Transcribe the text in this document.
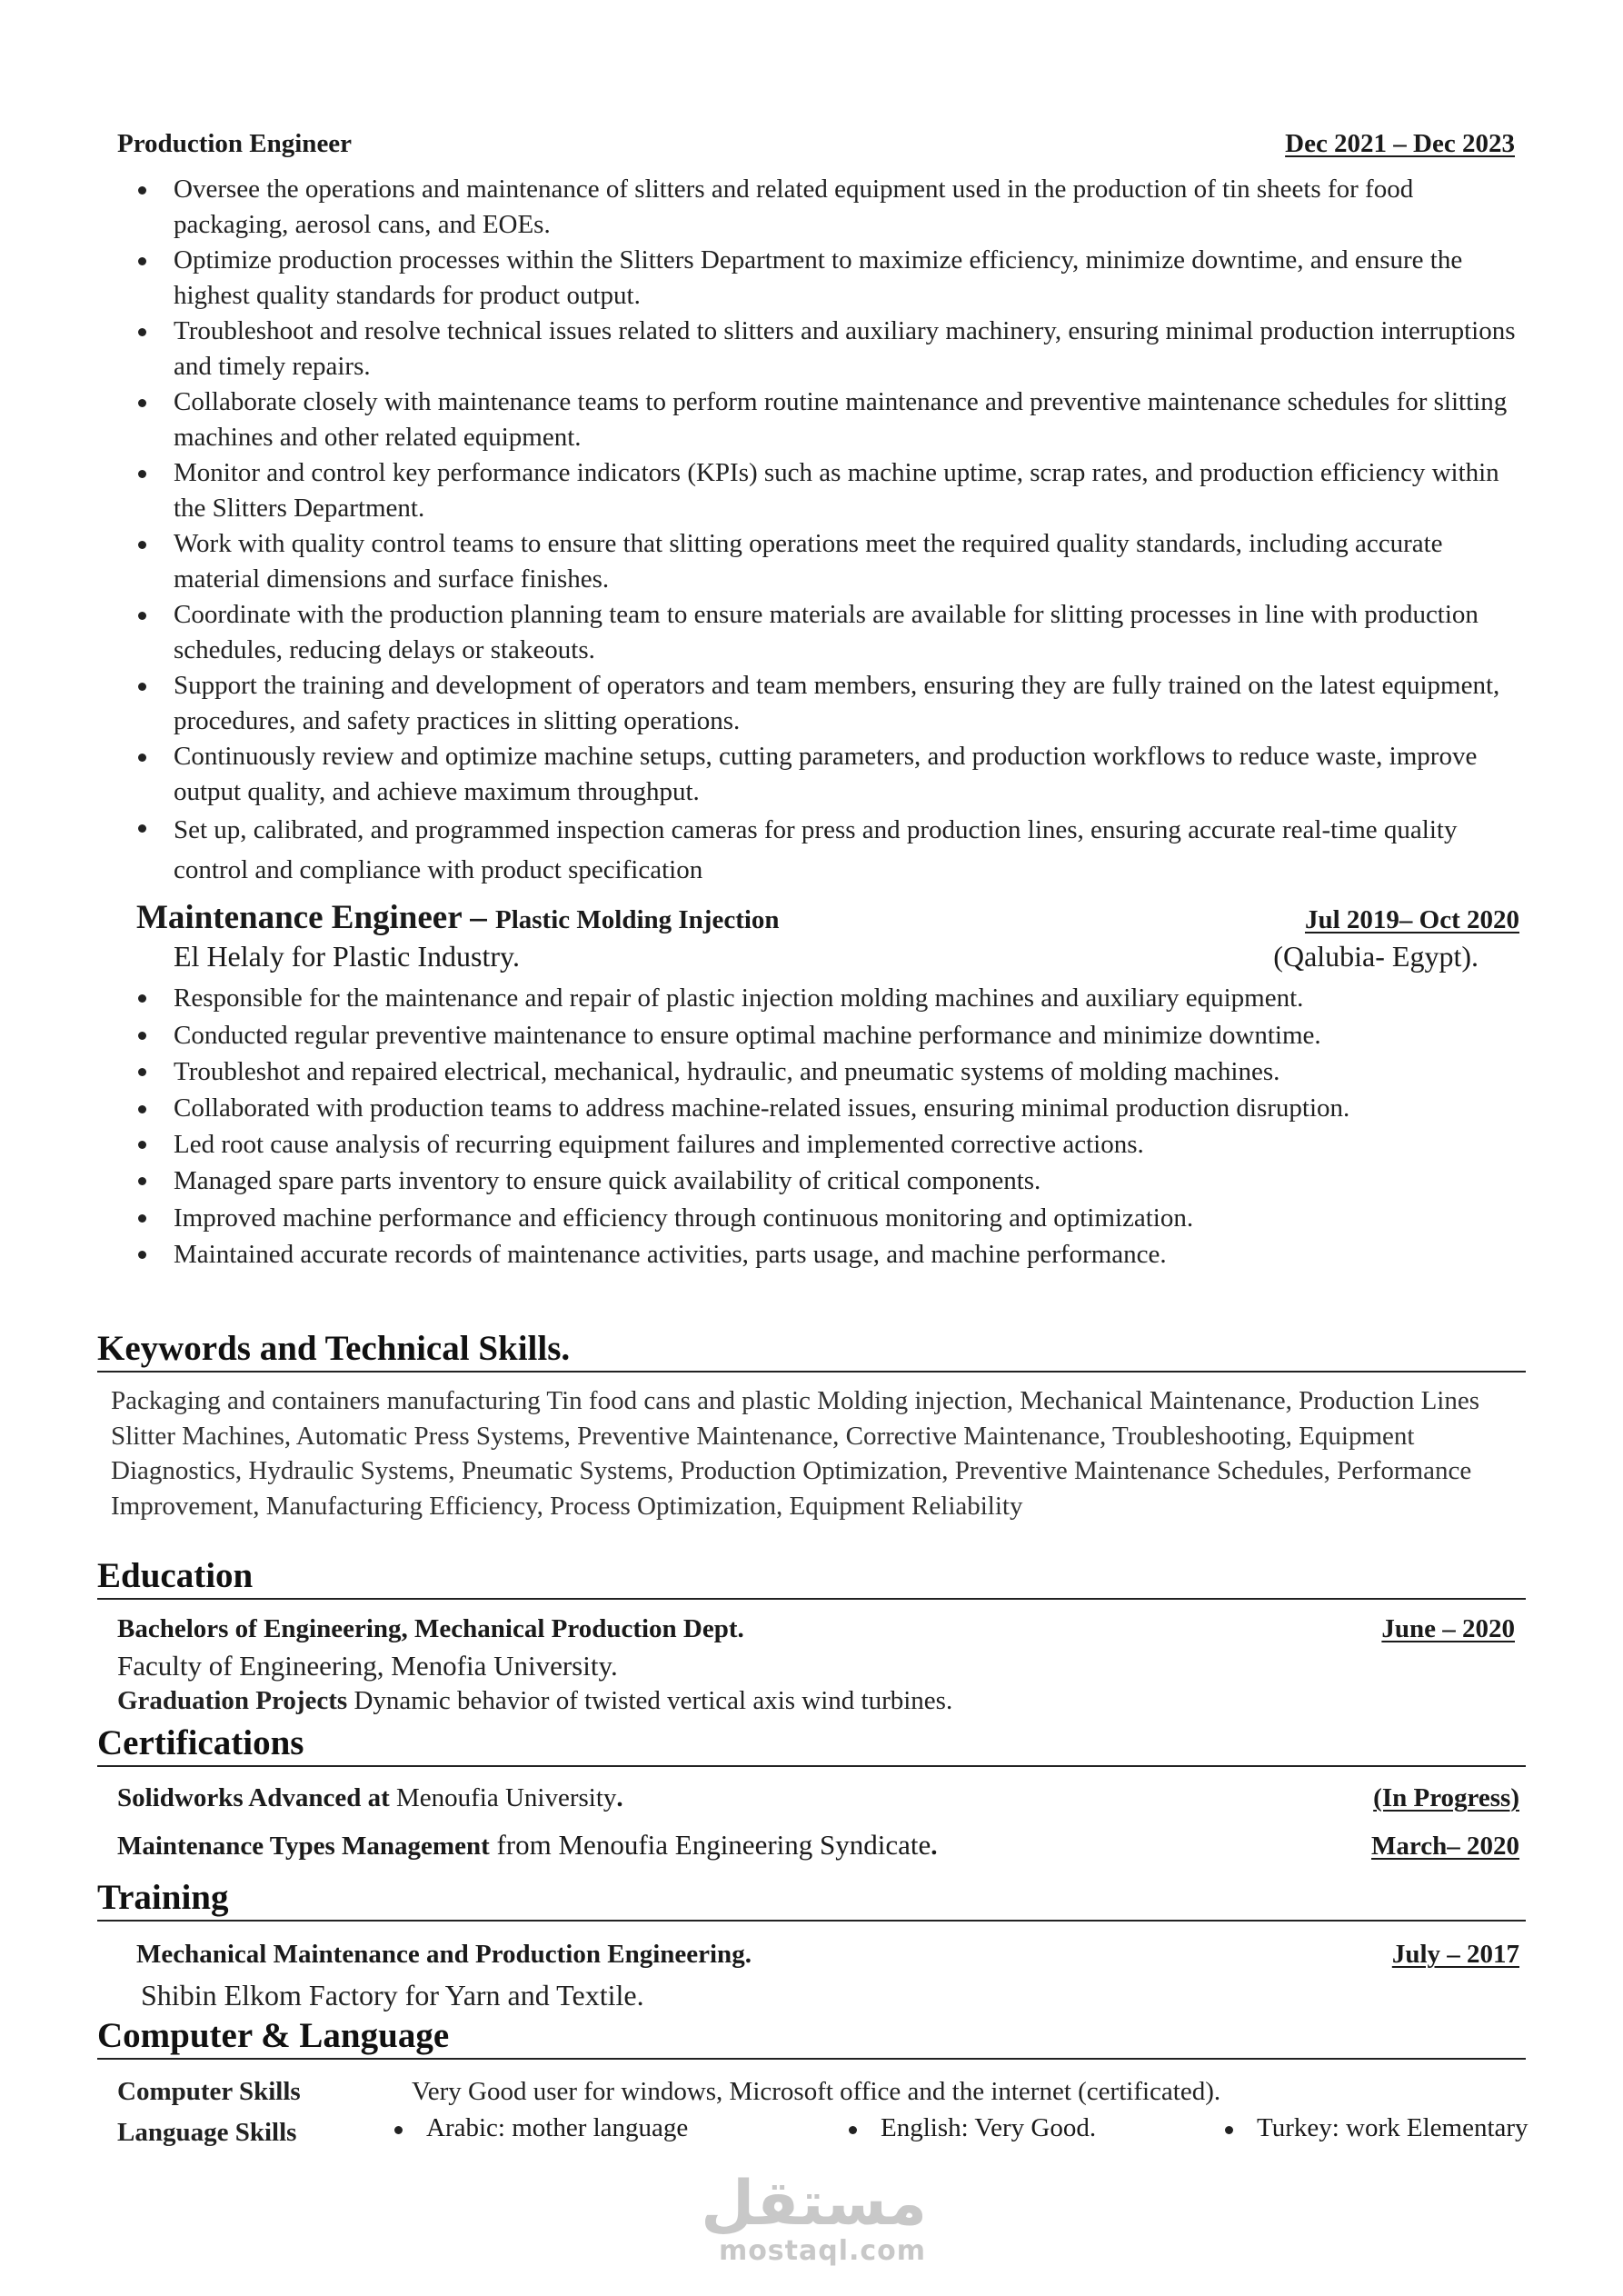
Production Engineer	Dec 2021 – Dec 2023
Oversee the operations and maintenance of slitters and related equipment used in the production of tin sheets for food packaging, aerosol cans, and EOEs.
Optimize production processes within the Slitters Department to maximize efficiency, minimize downtime, and ensure the highest quality standards for product output.
Troubleshoot and resolve technical issues related to slitters and auxiliary machinery, ensuring minimal production interruptions and timely repairs.
Collaborate closely with maintenance teams to perform routine maintenance and preventive maintenance schedules for slitting machines and other related equipment.
Monitor and control key performance indicators (KPIs) such as machine uptime, scrap rates, and production efficiency within the Slitters Department.
Work with quality control teams to ensure that slitting operations meet the required quality standards, including accurate material dimensions and surface finishes.
Coordinate with the production planning team to ensure materials are available for slitting processes in line with production schedules, reducing delays or stakeouts.
Support the training and development of operators and team members, ensuring they are fully trained on the latest equipment, procedures, and safety practices in slitting operations.
Continuously review and optimize machine setups, cutting parameters, and production workflows to reduce waste, improve output quality, and achieve maximum throughput.
Set up, calibrated, and programmed inspection cameras for press and production lines, ensuring accurate real-time quality control and compliance with product specification
Maintenance Engineer – Plastic Molding Injection	Jul 2019– Oct 2020
El Helaly for Plastic Industry.	(Qalubia- Egypt).
Responsible for the maintenance and repair of plastic injection molding machines and auxiliary equipment.
Conducted regular preventive maintenance to ensure optimal machine performance and minimize downtime.
Troubleshot and repaired electrical, mechanical, hydraulic, and pneumatic systems of molding machines.
Collaborated with production teams to address machine-related issues, ensuring minimal production disruption.
Led root cause analysis of recurring equipment failures and implemented corrective actions.
Managed spare parts inventory to ensure quick availability of critical components.
Improved machine performance and efficiency through continuous monitoring and optimization.
Maintained accurate records of maintenance activities, parts usage, and machine performance.
Keywords and Technical Skills.
Packaging and containers manufacturing Tin food cans and plastic Molding injection, Mechanical Maintenance, Production Lines Slitter Machines, Automatic Press Systems, Preventive Maintenance, Corrective Maintenance, Troubleshooting, Equipment Diagnostics, Hydraulic Systems, Pneumatic Systems, Production Optimization, Preventive Maintenance Schedules, Performance Improvement, Manufacturing Efficiency, Process Optimization, Equipment Reliability
Education
Bachelors of Engineering, Mechanical Production Dept.	June – 2020
Faculty of Engineering, Menofia University.
Graduation Projects Dynamic behavior of twisted vertical axis wind turbines.
Certifications
Solidworks Advanced at Menoufia University.	(In Progress)
Maintenance Types Management from Menoufia Engineering Syndicate.	March– 2020
Training
Mechanical Maintenance and Production Engineering.	July – 2017
Shibin Elkom Factory for Yarn and Textile.
Computer & Language
Computer Skills	Very Good user for windows, Microsoft office and the internet (certificated).
Language Skills	Arabic: mother language	English: Very Good.	Turkey: work Elementary
مستقل
mostaql.com
